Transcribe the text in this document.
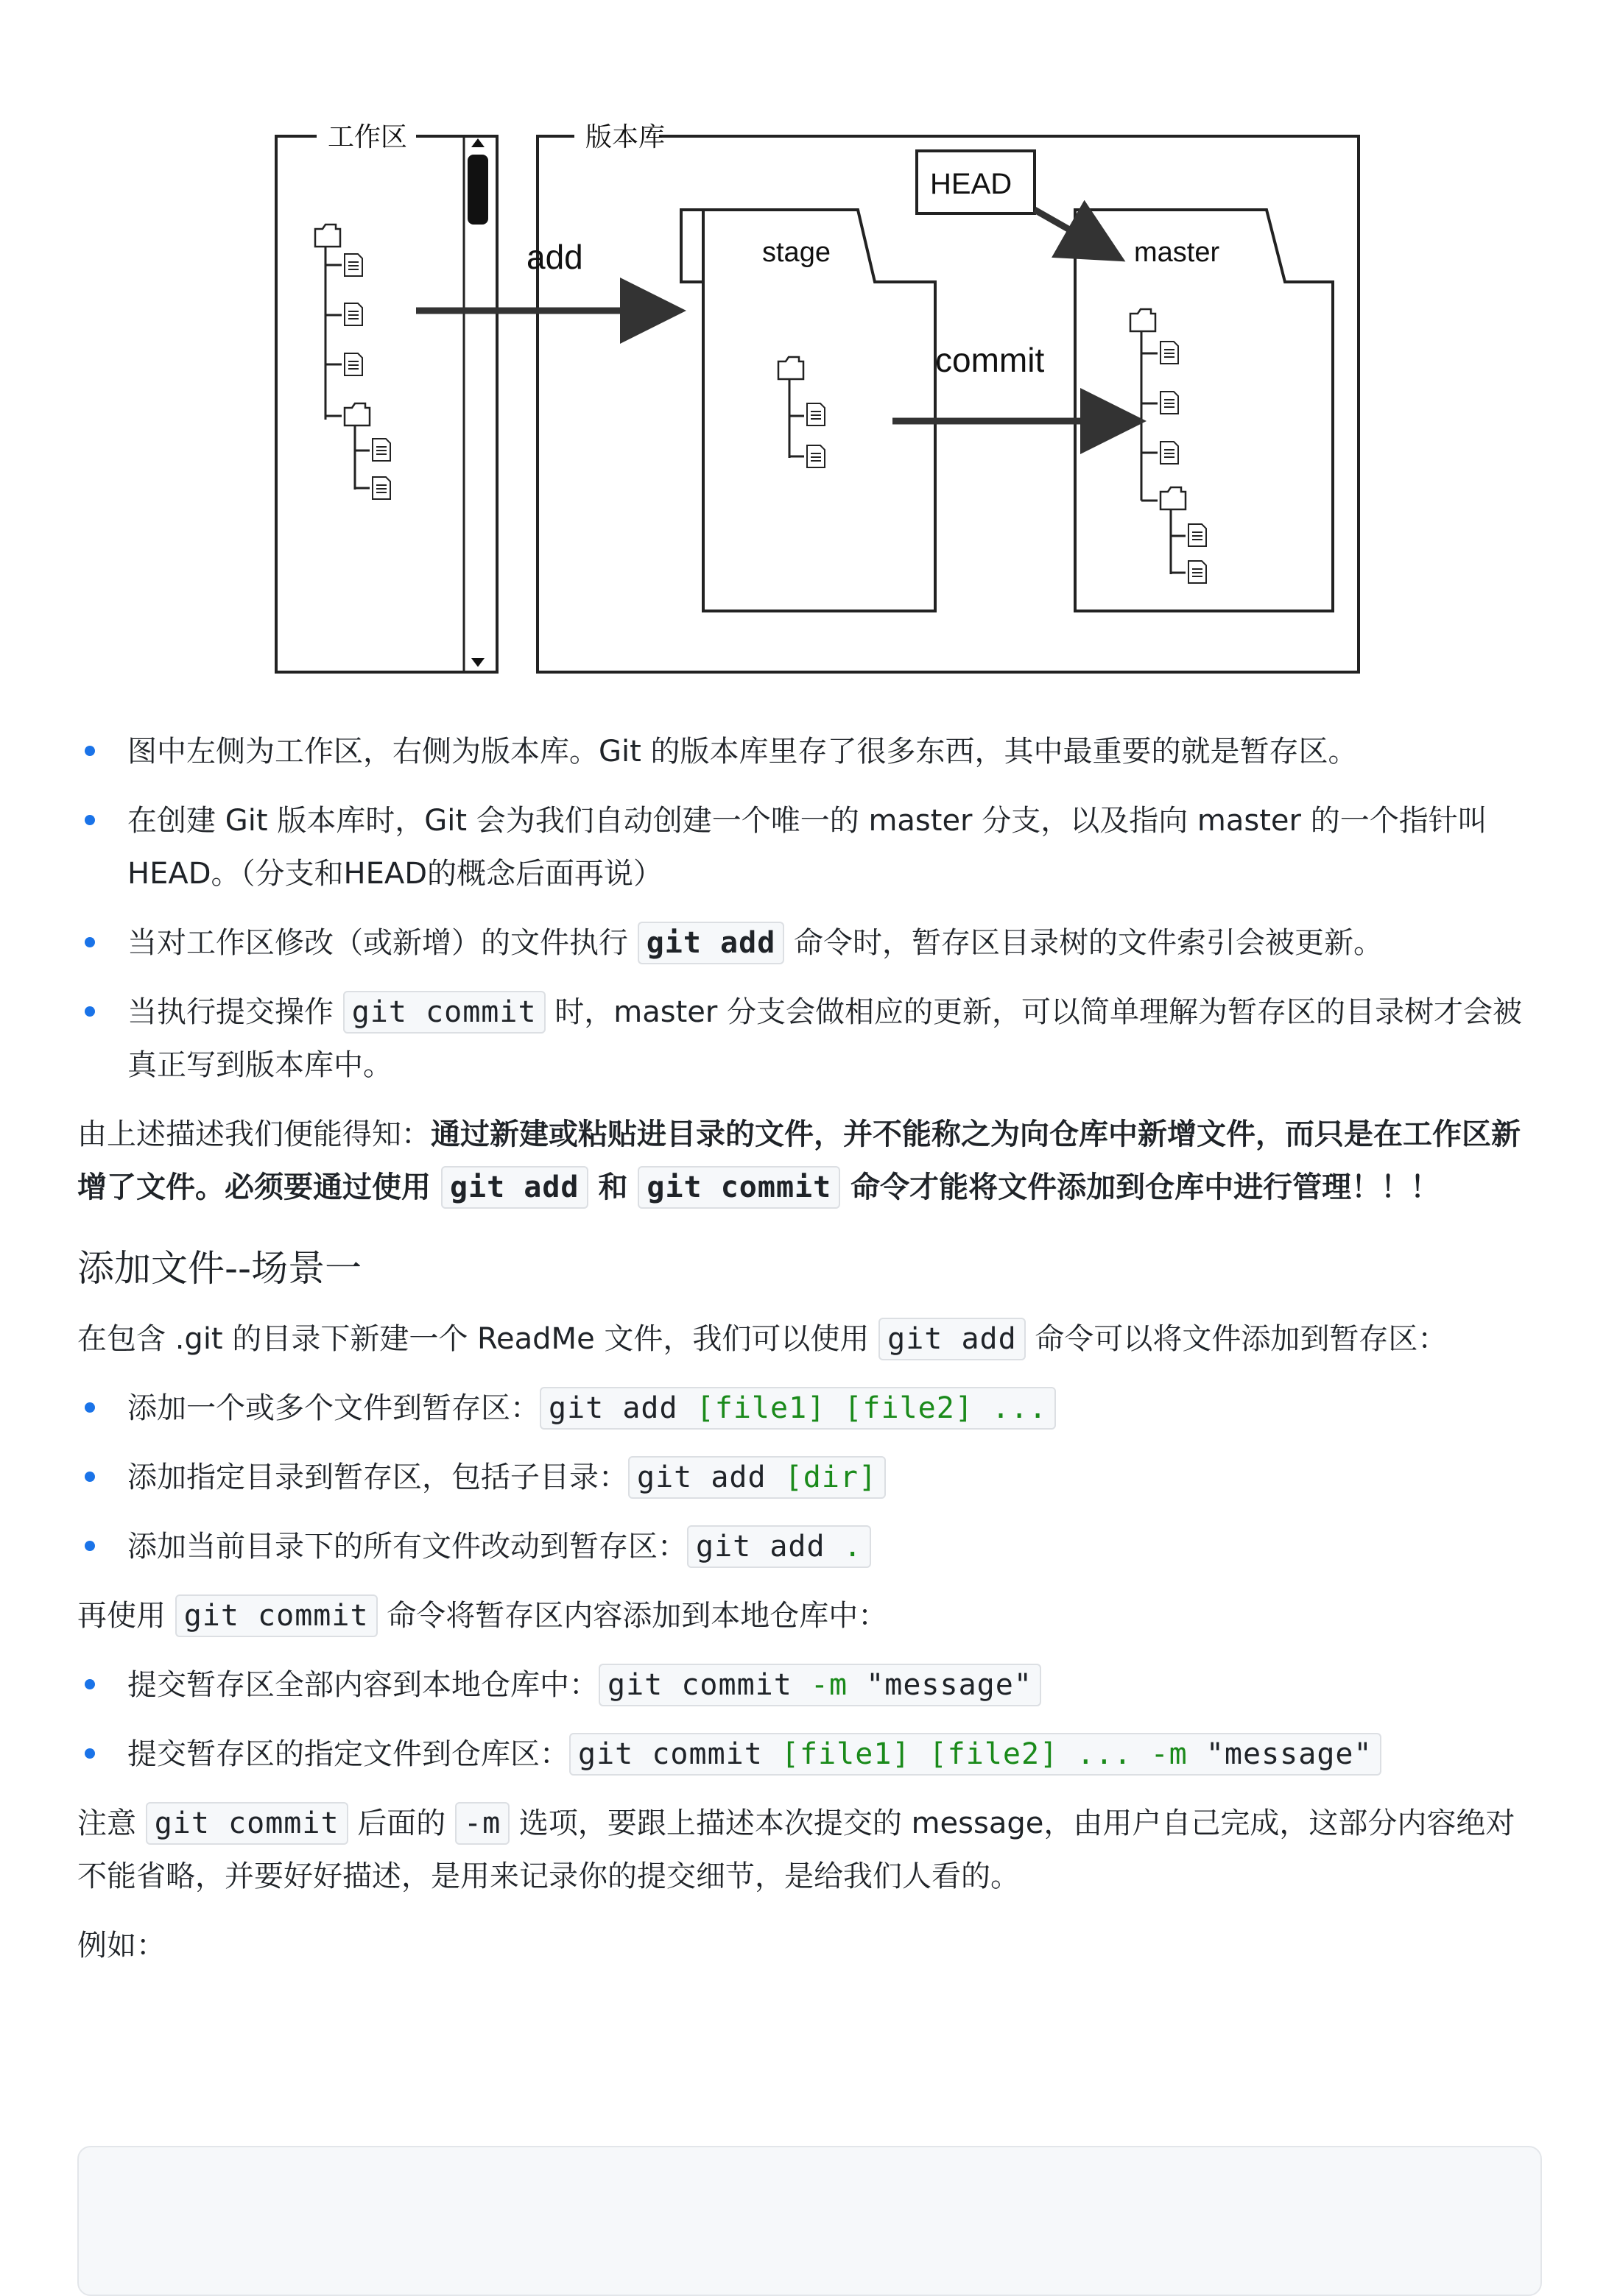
工作区	版本库
stage	master
HEAD
add
commit
图中左侧为工作区，右侧为版本库。Git 的版本库里存了很多东西，其中最重要的就是暂存区。
在创建 Git 版本库时，Git 会为我们自动创建一个唯一的 master 分支，以及指向 master 的一个指针叫 HEAD。（分支和HEAD的概念后面再说）
当对工作区修改（或新增）的文件执行 git add 命令时，暂存区目录树的文件索引会被更新。
当执行提交操作 git commit 时，master 分支会做相应的更新，可以简单理解为暂存区的目录树才会被真正写到版本库中。

由上述描述我们便能得知：通过新建或粘贴进目录的文件，并不能称之为向仓库中新增文件，而只是在工作区新增了文件。必须要通过使用 git add 和 git commit 命令才能将文件添加到仓库中进行管理！！！

添加文件--场景一

在包含 .git 的目录下新建一个 ReadMe 文件，我们可以使用 git add 命令可以将文件添加到暂存区：

添加一个或多个文件到暂存区： git add [file1] [file2] ...
添加指定目录到暂存区，包括子目录： git add [dir]
添加当前目录下的所有文件改动到暂存区： git add .

再使用 git commit 命令将暂存区内容添加到本地仓库中：

提交暂存区全部内容到本地仓库中： git commit -m "message"
提交暂存区的指定文件到仓库区： git commit [file1] [file2] ... -m "message"

注意 git commit 后面的 -m 选项，要跟上描述本次提交的 message，由用户自己完成，这部分内容绝对不能省略，并要好好描述，是用来记录你的提交细节，是给我们人看的。

例如：
